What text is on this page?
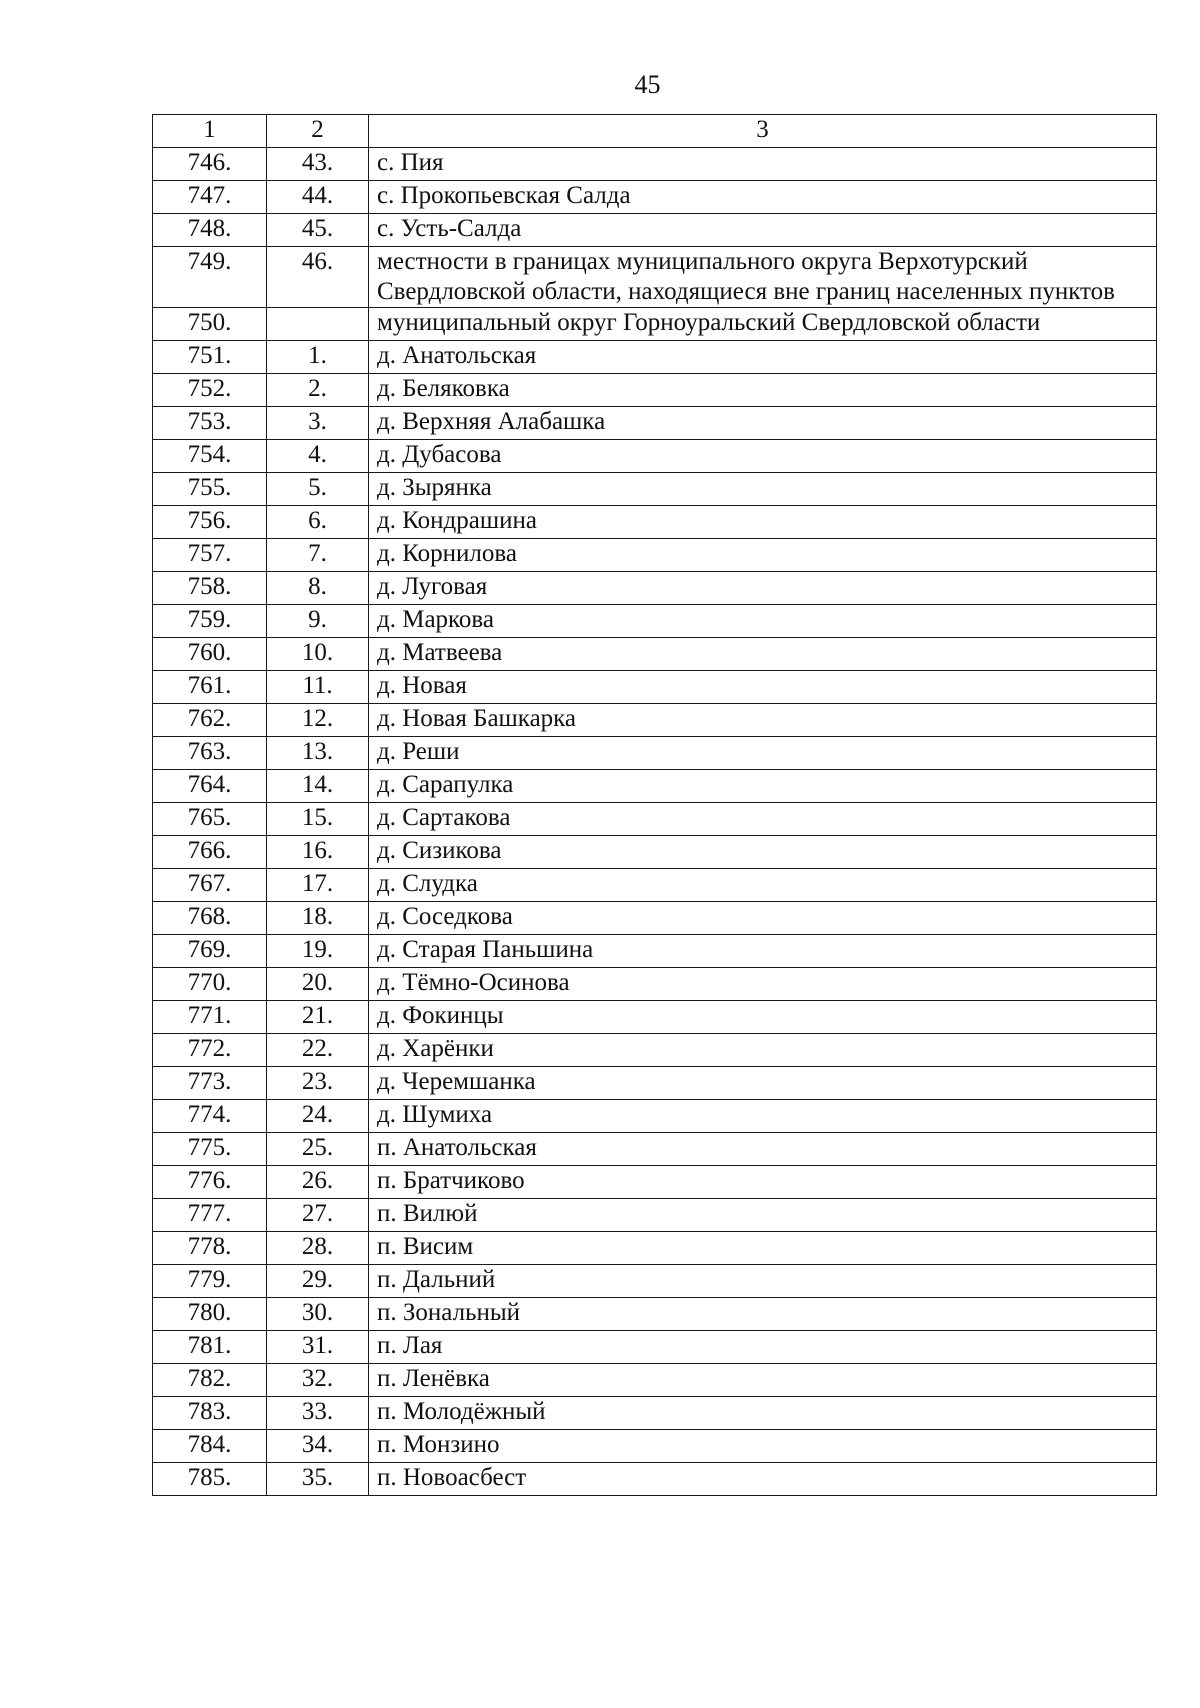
45
1	2	3
746.	43.	с. Пия
747.	44.	с. Прокопьевская Салда
748.	45.	с. Усть-Салда
749.	46.	местности в границах муниципального округа Верхотурский Свердловской области, находящиеся вне границ населенных пунктов
750.		муниципальный округ Горноуральский Свердловской области
751.	1.	д. Анатольская
752.	2.	д. Беляковка
753.	3.	д. Верхняя Алабашка
754.	4.	д. Дубасова
755.	5.	д. Зырянка
756.	6.	д. Кондрашина
757.	7.	д. Корнилова
758.	8.	д. Луговая
759.	9.	д. Маркова
760.	10.	д. Матвеева
761.	11.	д. Новая
762.	12.	д. Новая Башкарка
763.	13.	д. Реши
764.	14.	д. Сарапулка
765.	15.	д. Сартакова
766.	16.	д. Сизикова
767.	17.	д. Слудка
768.	18.	д. Соседкова
769.	19.	д. Старая Паньшина
770.	20.	д. Тёмно-Осинова
771.	21.	д. Фокинцы
772.	22.	д. Харёнки
773.	23.	д. Черемшанка
774.	24.	д. Шумиха
775.	25.	п. Анатольская
776.	26.	п. Братчиково
777.	27.	п. Вилюй
778.	28.	п. Висим
779.	29.	п. Дальний
780.	30.	п. Зональный
781.	31.	п. Лая
782.	32.	п. Ленёвка
783.	33.	п. Молодёжный
784.	34.	п. Монзино
785.	35.	п. Новоасбест
